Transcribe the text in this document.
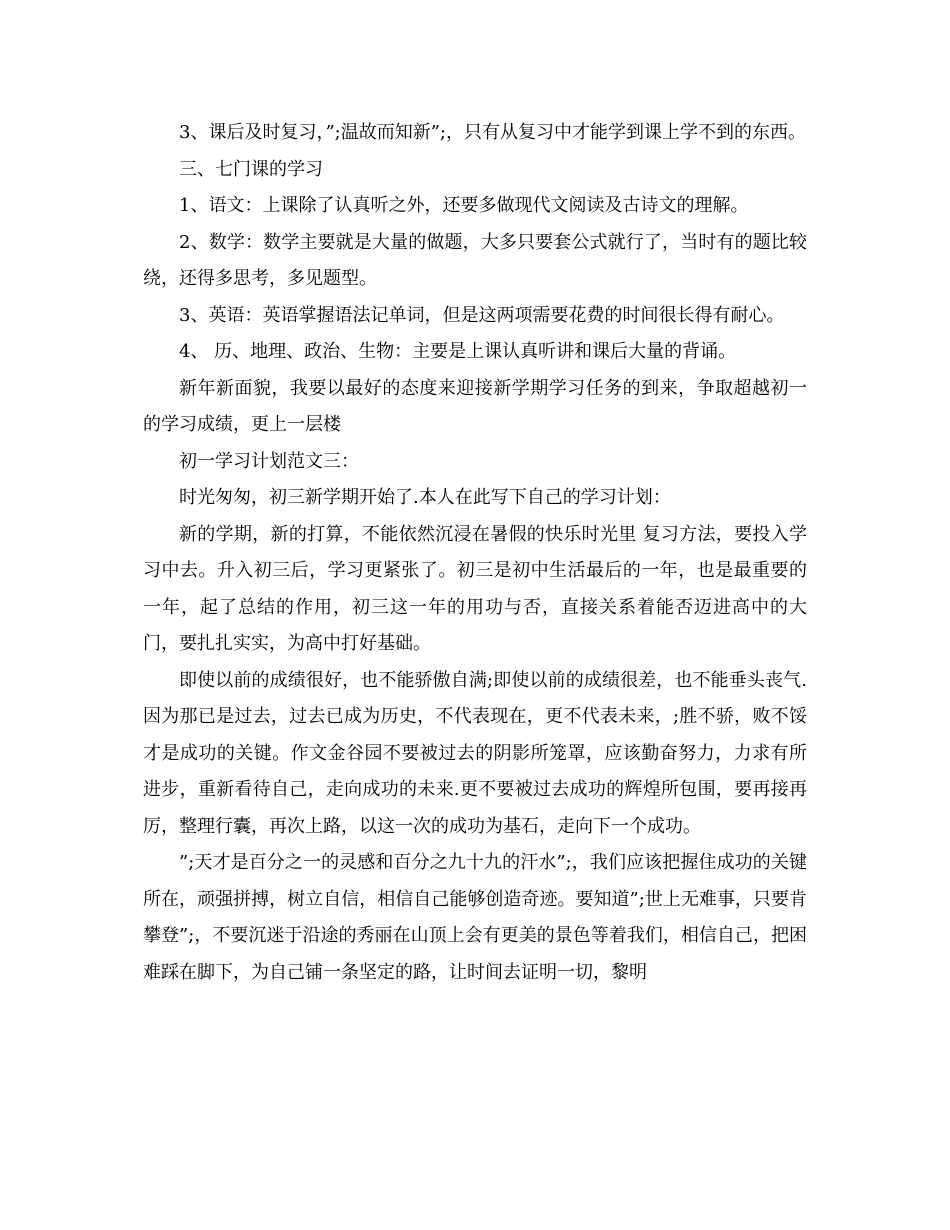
3、课后及时复习，”;温故而知新”;，只有从复习中才能学到课上学不到的东西。

三、七门课的学习

1、语文：上课除了认真听之外，还要多做现代文阅读及古诗文的理解。

2、数学：数学主要就是大量的做题，大多只要套公式就行了，当时有的题比较绕，还得多思考，多见题型。

3、英语：英语掌握语法记单词，但是这两项需要花费的时间很长得有耐心。

4、 历、地理、政治、生物：主要是上课认真听讲和课后大量的背诵。

新年新面貌，我要以最好的态度来迎接新学期学习任务的到来，争取超越初一的学习成绩，更上一层楼

初一学习计划范文三：

时光匆匆，初三新学期开始了.本人在此写下自己的学习计划：

新的学期，新的打算，不能依然沉浸在暑假的快乐时光里 复习方法，要投入学习中去。升入初三后，学习更紧张了。初三是初中生活最后的一年，也是最重要的一年，起了总结的作用，初三这一年的用功与否，直接关系着能否迈进高中的大门，要扎扎实实，为高中打好基础。

即使以前的成绩很好，也不能骄傲自满;即使以前的成绩很差，也不能垂头丧气.因为那已是过去，过去已成为历史，不代表现在，更不代表未来，;胜不骄，败不馁才是成功的关键。作文金谷园不要被过去的阴影所笼罩，应该勤奋努力，力求有所进步，重新看待自己，走向成功的未来.更不要被过去成功的辉煌所包围，要再接再厉，整理行囊，再次上路，以这一次的成功为基石，走向下一个成功。

”;天才是百分之一的灵感和百分之九十九的汗水”;，我们应该把握住成功的关键所在，顽强拼搏，树立自信，相信自己能够创造奇迹。要知道”;世上无难事，只要肯攀登”;，不要沉迷于沿途的秀丽在山顶上会有更美的景色等着我们，相信自己，把困难踩在脚下，为自己铺一条坚定的路，让时间去证明一切，黎明
